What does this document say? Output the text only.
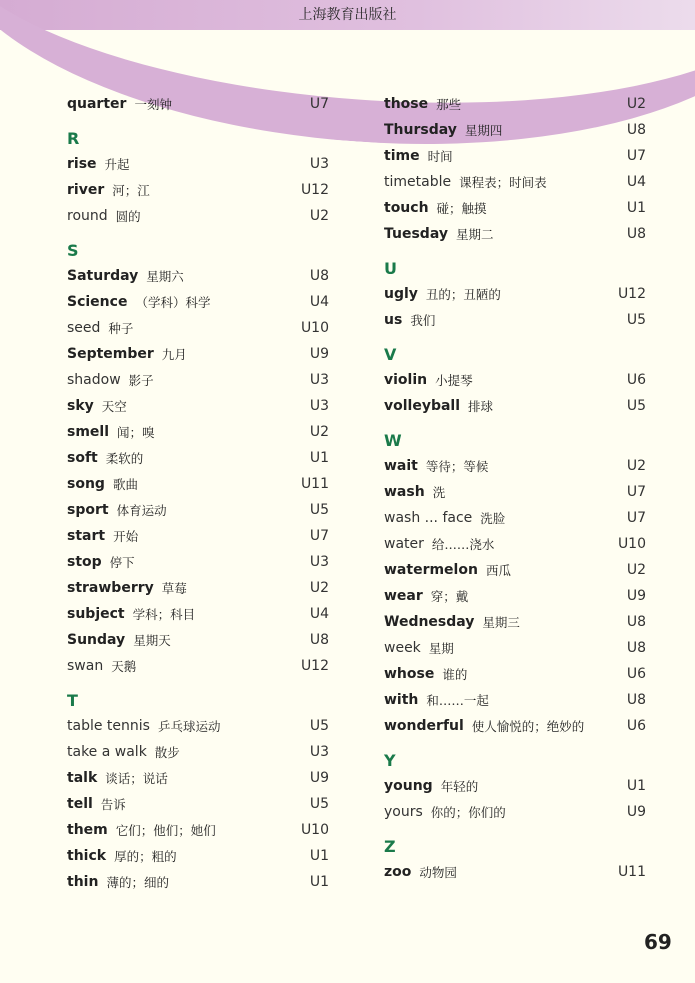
上海教育出版社
quarter 一刻钟	U7
R
rise 升起	U3
river 河；江	U12
round 圆的	U2
S
Saturday 星期六	U8
Science （学科）科学	U4
seed 种子	U10
September 九月	U9
shadow 影子	U3
sky 天空	U3
smell 闻；嗅	U2
soft 柔软的	U1
song 歌曲	U11
sport 体育运动	U5
start 开始	U7
stop 停下	U3
strawberry 草莓	U2
subject 学科；科目	U4
Sunday 星期天	U8
swan 天鹅	U12
T
table tennis 乒乓球运动	U5
take a walk 散步	U3
talk 谈话；说话	U9
tell 告诉	U5
them 它们；他们；她们	U10
thick 厚的；粗的	U1
thin 薄的；细的	U1
those 那些	U2
Thursday 星期四	U8
time 时间	U7
timetable 课程表；时间表	U4
touch 碰；触摸	U1
Tuesday 星期二	U8
U
ugly 丑的；丑陋的	U12
us 我们	U5
V
violin 小提琴	U6
volleyball 排球	U5
W
wait 等待；等候	U2
wash 洗	U7
wash ... face 洗脸	U7
water 给……浇水	U10
watermelon 西瓜	U2
wear 穿；戴	U9
Wednesday 星期三	U8
week 星期	U8
whose 谁的	U6
with 和……一起	U8
wonderful 使人愉悦的；绝妙的	U6
Y
young 年轻的	U1
yours 你的；你们的	U9
Z
zoo 动物园	U11
69
